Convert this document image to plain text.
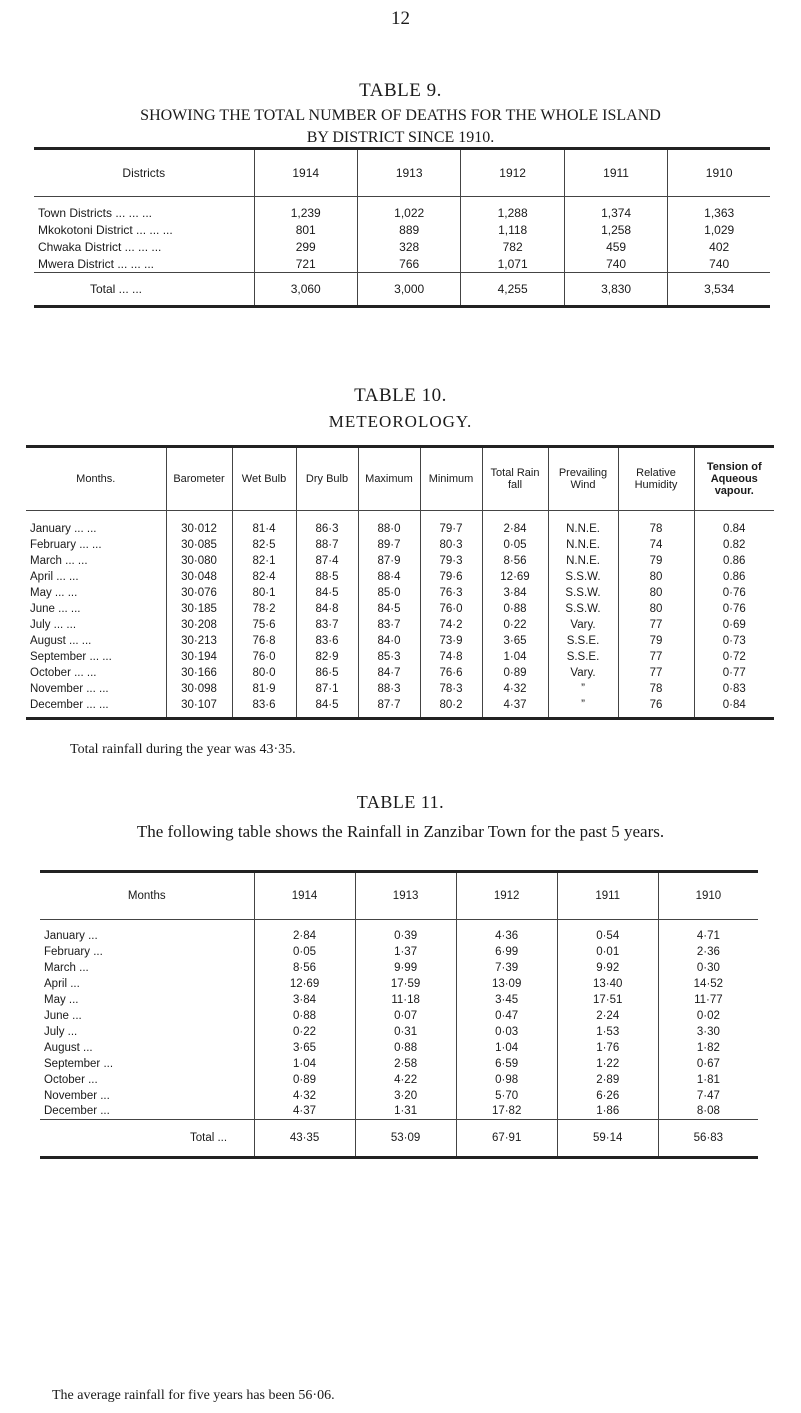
12
TABLE 9.
SHOWING THE TOTAL NUMBER OF DEATHS FOR THE WHOLE ISLAND
BY DISTRICT SINCE 1910.
Districts	1914	1913	1912	1911	1910

Town Districts ... ... ...	1,239	1,022	1,288	1,374	1,363
Mkokotoni District ... ... ...	801	889	1,118	1,258	1,029
Chwaka District ... ... ...	299	328	782	459	402
Mwera District ... ... ...	721	766	1,071	740	740
Total ... ...	3,060	3,000	4,255	3,830	3,534
TABLE 10.
METEOROLOGY.
Months.	Barometer	Wet Bulb	Dry Bulb	Maximum	Minimum	Total Rain fall	Prevailing Wind	Relative Humidity	Tension of Aqueous vapour.

January ... ...	30·012	81·4	86·3	88·0	79·7	2·84	N.N.E.	78	0.84
February ... ...	30·085	82·5	88·7	89·7	80·3	0·05	N.N.E.	74	0.82
March ... ...	30·080	82·1	87·4	87·9	79·3	8·56	N.N.E.	79	0.86
April ... ...	30·048	82·4	88·5	88·4	79·6	12·69	S.S.W.	80	0.86
May ... ...	30·076	80·1	84·5	85·0	76·3	3·84	S.S.W.	80	0·76
June ... ...	30·185	78·2	84·8	84·5	76·0	0·88	S.S.W.	80	0·76
July ... ...	30·208	75·6	83·7	83·7	74·2	0·22	Vary.	77	0·69
August ... ...	30·213	76·8	83·6	84·0	73·9	3·65	S.S.E.	79	0·73
September ... ...	30·194	76·0	82·9	85·3	74·8	1·04	S.S.E.	77	0·72
October ... ...	30·166	80·0	86·5	84·7	76·6	0·89	Vary.	77	0·77
November ... ...	30·098	81·9	87·1	88·3	78·3	4·32	”	78	0·83
December ... ...	30·107	83·6	84·5	87·7	80·2	4·37	”	76	0·84

Total rainfall during the year was 43·35.
TABLE 11.
The following table shows the Rainfall in Zanzibar Town for the past 5 years.
Months	1914	1913	1912	1911	1910

January ...	2·84	0·39	4·36	0·54	4·71
February ...	0·05	1·37	6·99	0·01	2·36
March ...	8·56	9·99	7·39	9·92	0·30
April ...	12·69	17·59	13·09	13·40	14·52
May ...	3·84	11·18	3·45	17·51	11·77
June ...	0·88	0·07	0·47	2·24	0·02
July ...	0·22	0·31	0·03	1·53	3·30
August ...	3·65	0·88	1·04	1·76	1·82
September ...	1·04	2·58	6·59	1·22	0·67
October ...	0·89	4·22	0·98	2·89	1·81
November ...	4·32	3·20	5·70	6·26	7·47
December ...	4·37	1·31	17·82	1·86	8·08
Total ...	43·35	53·09	67·91	59·14	56·83
The average rainfall for five years has been 56·06.
